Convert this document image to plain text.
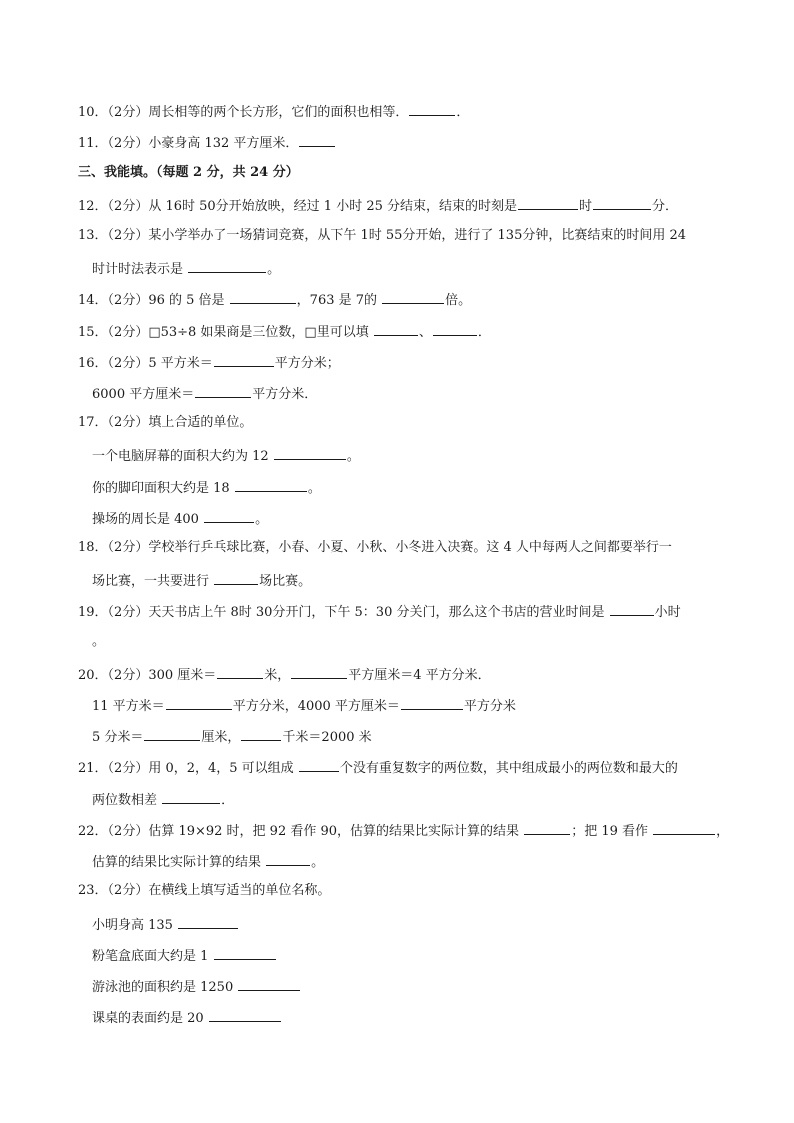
10．（2分）周长相等的两个长方形，它们的面积也相等．	．
11．（2分）小豪身高 132 平方厘米．
三、我能填。（每题 2 分，共 24 分）
12．（2分）从 16时 50分开始放映，经过 1 小时 25 分结束，结束的时刻是	时	分．
13．（2分）某小学举办了一场猜词竞赛，从下午 1时 55分开始，进行了 135分钟，比赛结束的时间用 24
时计时法表示是	。
14．（2分）96 的 5 倍是	，763 是 7的	倍。
15．（2分）□53÷8 如果商是三位数，□里可以填	、	．
16．（2分）5 平方米＝	平方分米；
6000 平方厘米＝	平方分米．
17．（2分）填上合适的单位。
一个电脑屏幕的面积大约为 12	。
你的脚印面积大约是 18	。
操场的周长是 400	。
18．（2分）学校举行乒乓球比赛，小春、小夏、小秋、小冬进入决赛。这 4 人中每两人之间都要举行一
场比赛，一共要进行	场比赛。
19．（2分）天天书店上午 8时 30分开门，下午 5：30 分关门，那么这个书店的营业时间是	小时
。
20．（2分）300 厘米＝	米，	平方厘米＝4 平方分米．
11 平方米＝	平方分米，4000 平方厘米＝	平方分米
5 分米＝	厘米，	千米＝2000 米
21．（2分）用 0，2，4，5 可以组成	个没有重复数字的两位数，其中组成最小的两位数和最大的
两位数相差	．
22．（2分）估算 19×92 时，把 92 看作 90，估算的结果比实际计算的结果	；把 19 看作	，
估算的结果比实际计算的结果	。
23．（2分）在横线上填写适当的单位名称。
小明身高 135
粉笔盒底面大约是 1
游泳池的面积约是 1250
课桌的表面约是 20
